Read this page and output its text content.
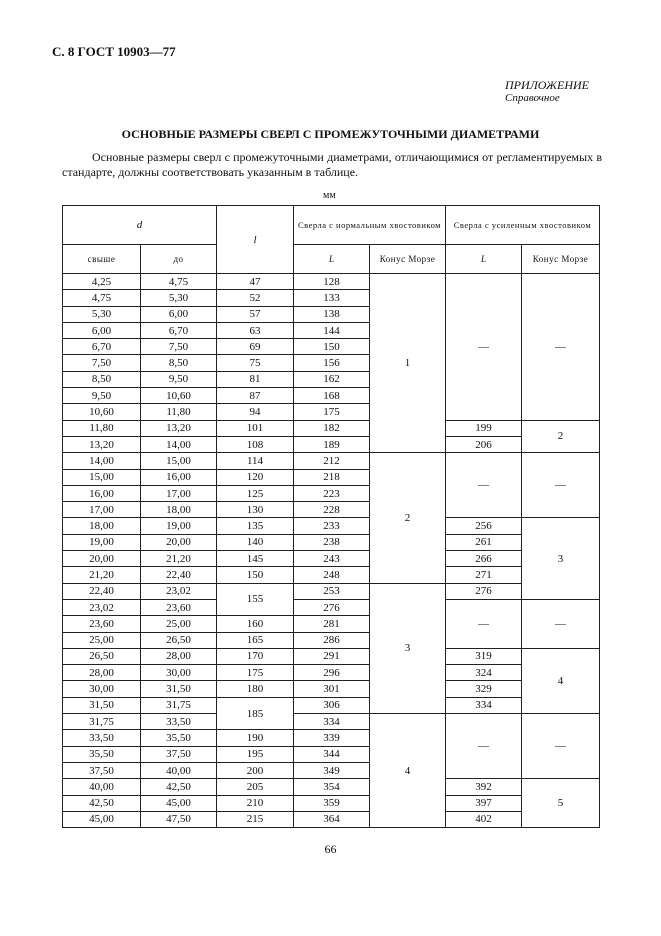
С. 8 ГОСТ 10903—77
ПРИЛОЖЕНИЕ
Справочное
ОСНОВНЫЕ РАЗМЕРЫ СВЕРЛ С ПРОМЕЖУТОЧНЫМИ ДИАМЕТРАМИ
Основные размеры сверл с промежуточными диаметрами, отличающимися от регламентируемых в стандарте, должны соответствовать указанным в таблице.
мм
d		l	Сверла с нормальным хвостовиком		Сверла с усиленным хвостовиком	
свыше	до		L	Конус Морзе	L	Конус Морзе
4,25	4,75	47	128	1	—	—
4,75	5,30	52	133			
5,30	6,00	57	138			
6,00	6,70	63	144			
6,70	7,50	69	150			
7,50	8,50	75	156			
8,50	9,50	81	162			
9,50	10,60	87	168			
10,60	11,80	94	175			
11,80	13,20	101	182		199	2
13,20	14,00	108	189		206	
14,00	15,00	114	212	2	—	—
15,00	16,00	120	218			
16,00	17,00	125	223			
17,00	18,00	130	228			
18,00	19,00	135	233		256	3
19,00	20,00	140	238		261	
20,00	21,20	145	243		266	
21,20	22,40	150	248		271	
22,40	23,02	155	253	3	276	
23,02	23,60		276		—	—
23,60	25,00	160	281			
25,00	26,50	165	286			
26,50	28,00	170	291		319	4
28,00	30,00	175	296		324	
30,00	31,50	180	301		329	
31,50	31,75	185	306		334	
31,75	33,50		334	4	—	—
33,50	35,50	190	339			
35,50	37,50	195	344			
37,50	40,00	200	349			
40,00	42,50	205	354		392	5
42,50	45,00	210	359		397	
45,00	47,50	215	364		402	
66
